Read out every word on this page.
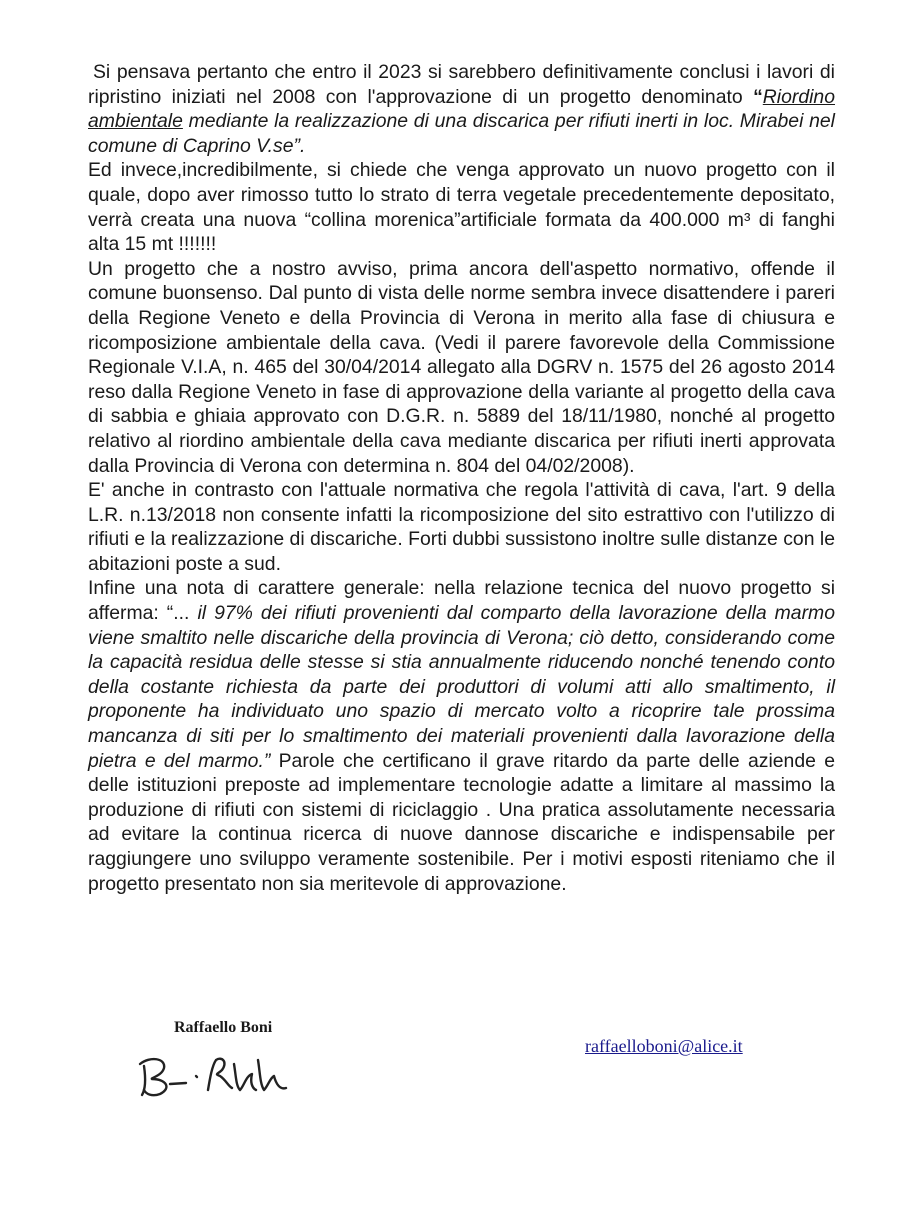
Si pensava pertanto che entro il 2023 si sarebbero definitivamente conclusi i lavori di ripristino iniziati nel 2008 con l'approvazione di un progetto denominato “Riordino ambientale mediante la realizzazione di una discarica per rifiuti inerti in loc. Mirabei nel comune di Caprino V.se”.

Ed invece,incredibilmente, si chiede che venga approvato un nuovo progetto con il quale, dopo aver rimosso tutto lo strato di terra vegetale precedentemente depositato, verrà creata una nuova “collina morenica”artificiale formata da 400.000 m³ di fanghi alta 15 mt !!!!!!!

Un progetto che a nostro avviso, prima ancora dell'aspetto normativo, offende il comune buonsenso. Dal punto di vista delle norme sembra invece disattendere i pareri della Regione Veneto e della Provincia di Verona in merito alla fase di chiusura e ricomposizione ambientale della cava. (Vedi il parere favorevole della Commissione Regionale V.I.A, n. 465 del 30/04/2014 allegato alla DGRV n. 1575 del 26 agosto 2014 reso dalla Regione Veneto in fase di approvazione della variante al progetto della cava di sabbia e ghiaia approvato con D.G.R. n. 5889 del 18/11/1980, nonché al progetto relativo al riordino ambientale della cava mediante discarica per rifiuti inerti approvata dalla Provincia di Verona con determina n. 804 del 04/02/2008).

E' anche in contrasto con l'attuale normativa che regola l'attività di cava, l'art. 9 della L.R. n.13/2018 non consente infatti la ricomposizione del sito estrattivo con l'utilizzo di rifiuti e la realizzazione di discariche. Forti dubbi sussistono inoltre sulle distanze con le abitazioni poste a sud.

Infine una nota di carattere generale: nella relazione tecnica del nuovo progetto si afferma: “... il 97% dei rifiuti provenienti dal comparto della lavorazione della marmo viene smaltito nelle discariche della provincia di Verona; ciò detto, considerando come la capacità residua delle stesse si stia annualmente riducendo nonché tenendo conto della costante richiesta da parte dei produttori di volumi atti allo smaltimento, il proponente ha individuato uno spazio di mercato volto a ricoprire tale prossima mancanza di siti per lo smaltimento dei materiali provenienti dalla lavorazione della pietra e del marmo.” Parole che certificano il grave ritardo da parte delle aziende e delle istituzioni preposte ad implementare tecnologie adatte a limitare al massimo la produzione di rifiuti con sistemi di riciclaggio . Una pratica assolutamente necessaria ad evitare la continua ricerca di nuove dannose discariche e indispensabile per raggiungere uno sviluppo veramente sostenibile. Per i motivi esposti riteniamo che il progetto presentato non sia meritevole di approvazione.

Raffaello Boni
raffaelloboni@alice.it
